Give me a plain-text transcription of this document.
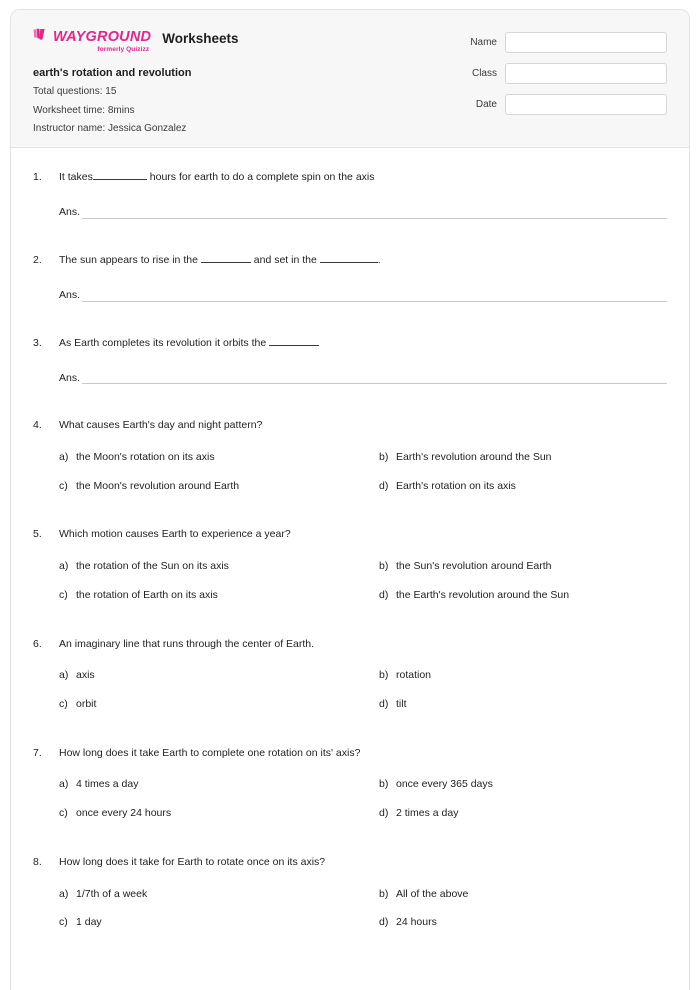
WAYGROUND
formerly Quizizz
Worksheets
earth's rotation and revolution
Total questions: 15
Worksheet time: 8mins
Instructor name: Jessica Gonzalez
Name
Class
Date
1.	It takes	hours for earth to do a complete spin on the axis
Ans.
2.	The sun appears to rise in the	and set in the	.
Ans.
3.	As Earth completes its revolution it orbits the
Ans.
4.	What causes Earth's day and night pattern?
a) the Moon's rotation on its axis	b) Earth's revolution around the Sun
c) the Moon's revolution around Earth	d) Earth's rotation on its axis
5.	Which motion causes Earth to experience a year?
a) the rotation of the Sun on its axis	b) the Sun's revolution around Earth
c) the rotation of Earth on its axis	d) the Earth's revolution around the Sun
6.	An imaginary line that runs through the center of Earth.
a) axis	b) rotation
c) orbit	d) tilt
7.	How long does it take Earth to complete one rotation on its' axis?
a) 4 times a day	b) once every 365 days
c) once every 24 hours	d) 2 times a day
8.	How long does it take for Earth to rotate once on its axis?
a) 1/7th of a week	b) All of the above
c) 1 day	d) 24 hours
